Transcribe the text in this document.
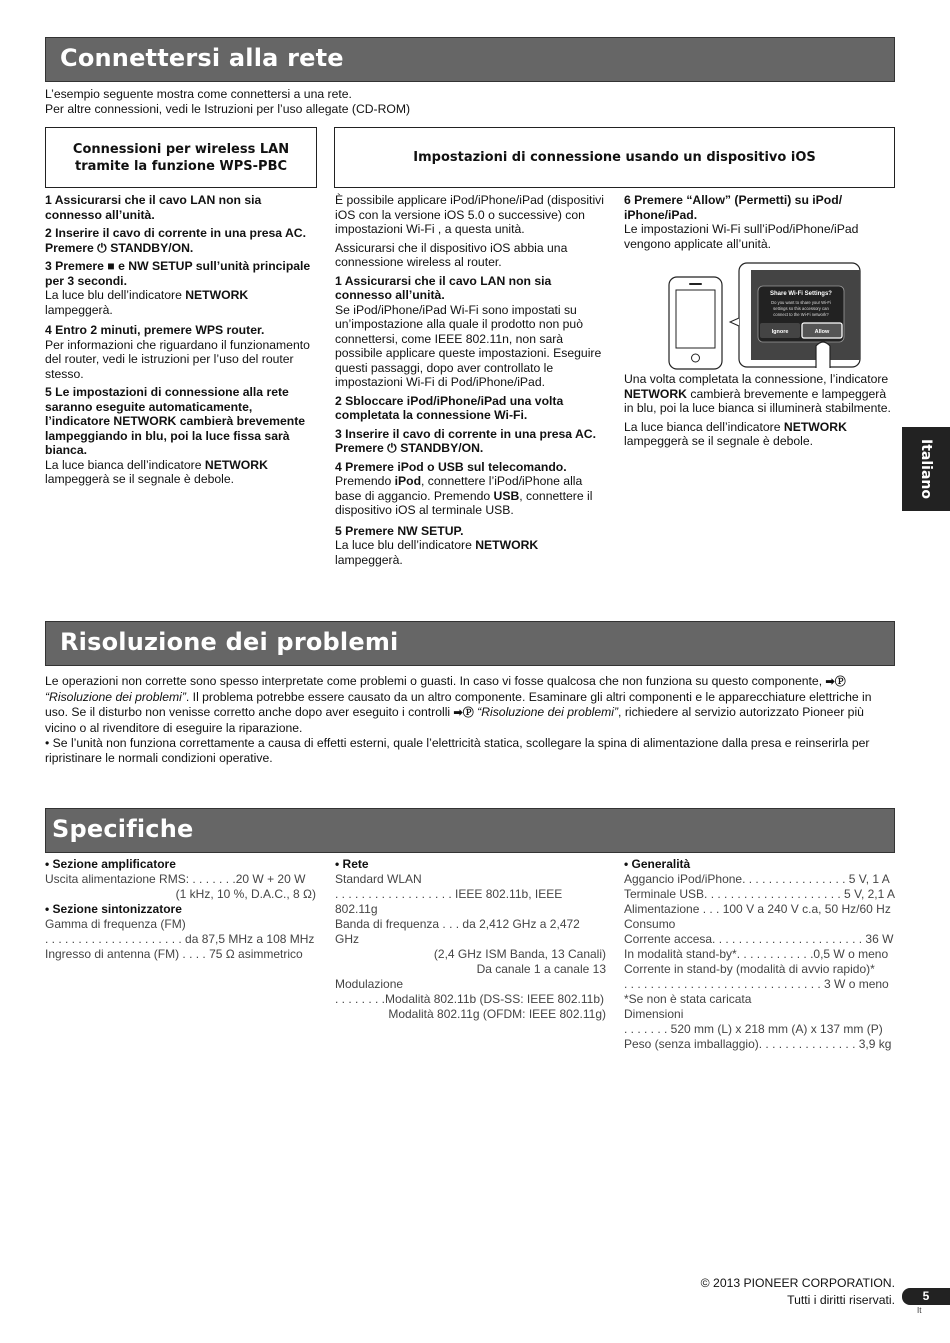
Connettersi alla rete
L’esempio seguente mostra come connettersi a una rete.
Per altre connessioni, vedi le Istruzioni per l’uso allegate (CD-ROM)
Connessioni per wireless LAN
tramite la funzione WPS-PBC
Impostazioni di connessione usando un dispositivo iOS

1 Assicurarsi che il cavo LAN non sia connesso all’unità.

2 Inserire il cavo di corrente in una presa AC. Premere ⏻ STANDBY/ON.

3 Premere ■ e NW SETUP sull’unità principale per 3 secondi.

La luce blu dell’indicatore NETWORK lampeggerà.

4 Entro 2 minuti, premere WPS router.

Per informazioni che riguardano il funzionamento del router, vedi le istruzioni per l’uso del router stesso.

5 Le impostazioni di connessione alla rete saranno eseguite automaticamente, l’indicatore NETWORK cambierà brevemente lampeggiando in blu, poi la luce fissa sarà bianca.

La luce bianca dell’indicatore NETWORK lampeggerà se il segnale è debole.

È possibile applicare iPod/iPhone/iPad (dispositivi iOS con la versione iOS 5.0 o successive) con impostazioni Wi-Fi , a questa unità.

Assicurarsi che il dispositivo iOS abbia una connessione wireless al router.

1 Assicurarsi che il cavo LAN non sia connesso all’unità.

Se iPod/iPhone/iPad Wi-Fi sono impostati su un’impostazione alla quale il prodotto non può connettersi, come IEEE 802.11n, non sarà possibile applicare queste impostazioni. Eseguire questi passaggi, dopo aver controllato le impostazioni Wi-Fi di Pod/iPhone/iPad.

2 Sbloccare iPod/iPhone/iPad una volta completata la connessione Wi-Fi.

3 Inserire il cavo di corrente in una presa AC. Premere ⏻ STANDBY/ON.

4 Premere iPod o USB sul telecomando.

Premendo iPod, connettere l’iPod/iPhone alla base di aggancio. Premendo USB, connettere il dispositivo iOS al terminale USB.

5 Premere NW SETUP.

La luce blu dell’indicatore NETWORK lampeggerà.

6 Premere “Allow” (Permetti) su iPod/ iPhone/iPad.

Le impostazioni Wi-Fi sull’iPod/iPhone/iPad vengono applicate all’unità.

Share Wi-Fi Settings?
Do you want to share your Wi-Fi
settings so this accessory can
connect to the Wi-Fi network?
Ignore	Allow

Una volta completata la connessione, l’indicatore NETWORK cambierà brevemente e lampeggerà in blu, poi la luce bianca si illuminerà stabilmente.

La luce bianca dell’indicatore NETWORK lampeggerà se il segnale è debole.	Italiano
Risoluzione dei problemi

Le operazioni non corrette sono spesso interpretate come problemi o guasti. In caso vi fosse qualcosa che non funziona su questo componente, ➡Ⓟ
“Risoluzione dei problemi”. Il problema potrebbe essere causato da un altro componente. Esaminare gli altri componenti e le apparecchiature elettriche in uso. Se il disturbo non venisse corretto anche dopo aver eseguito i controlli ➡Ⓟ “Risoluzione dei problemi”, richiedere al servizio autorizzato Pioneer più vicino o al rivenditore di eseguire la riparazione.

• Se l’unità non funziona correttamente a causa di effetti esterni, quale l’elettricità statica, scollegare la spina di alimentazione dalla presa e reinserirla per ripristinare le normali condizioni operative.

Specifiche
• Sezione amplificatore
Uscita alimentazione RMS: . . . . . . .20 W + 20 W
(1 kHz, 10 %, D.A.C., 8 Ω)
• Sezione sintonizzatore
Gamma di frequenza (FM)
. . . . . . . . . . . . . . . . . . . . . da 87,5 MHz a 108 MHz
Ingresso di antenna (FM) . . . . 75 Ω asimmetrico
• Rete
Standard WLAN
. . . . . . . . . . . . . . . . . . IEEE 802.11b, IEEE 802.11g
Banda di frequenza . . . da 2,412 GHz a 2,472 GHz
(2,4 GHz ISM Banda, 13 Canali)
Da canale 1 a canale 13
Modulazione
. . . . . . . .Modalità 802.11b (DS-SS: IEEE 802.11b)
Modalità 802.11g (OFDM: IEEE 802.11g)
• Generalità
Aggancio iPod/iPhone. . . . . . . . . . . . . . . . 5 V, 1 A
Terminale USB. . . . . . . . . . . . . . . . . . . . . 5 V, 2,1 A
Alimentazione . . . 100 V a 240 V c.a, 50 Hz/60 Hz
Consumo
Corrente accesa. . . . . . . . . . . . . . . . . . . . . . . 36 W
In modalità stand-by*. . . . . . . . . . . .0,5 W o meno
Corrente in stand-by (modalità di avvio rapido)*
. . . . . . . . . . . . . . . . . . . . . . . . . . . . . . 3 W o meno
*Se non è stata caricata
Dimensioni
. . . . . . . 520 mm (L) x 218 mm (A) x 137 mm (P)
Peso (senza imballaggio). . . . . . . . . . . . . . . 3,9 kg
© 2013 PIONEER CORPORATION.
Tutti i diritti riservati.	5
It
